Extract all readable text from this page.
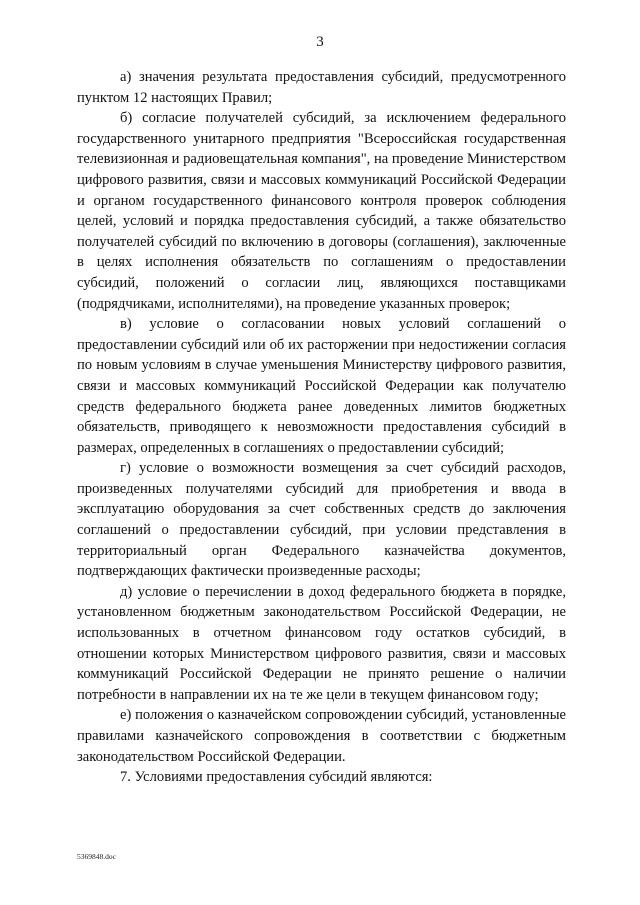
3

а) значения результата предоставления субсидий, предусмотренного пунктом 12 настоящих Правил;

б) согласие получателей субсидий, за исключением федерального государственного унитарного предприятия "Всероссийская государственная телевизионная и радиовещательная компания", на проведение Министерством цифрового развития, связи и массовых коммуникаций Российской Федерации и органом государственного финансового контроля проверок соблюдения целей, условий и порядка предоставления субсидий, а также обязательство получателей субсидий по включению в договоры (соглашения), заключенные в целях исполнения обязательств по соглашениям о предоставлении субсидий, положений о согласии лиц, являющихся поставщиками (подрядчиками, исполнителями), на проведение указанных проверок;

в) условие о согласовании новых условий соглашений о предоставлении субсидий или об их расторжении при недостижении согласия по новым условиям в случае уменьшения Министерству цифрового развития, связи и массовых коммуникаций Российской Федерации как получателю средств федерального бюджета ранее доведенных лимитов бюджетных обязательств, приводящего к невозможности предоставления субсидий в размерах, определенных в соглашениях о предоставлении субсидий;

г) условие о возможности возмещения за счет субсидий расходов, произведенных получателями субсидий для приобретения и ввода в эксплуатацию оборудования за счет собственных средств до заключения соглашений о предоставлении субсидий, при условии представления в территориальный орган Федерального казначейства документов, подтверждающих фактически произведенные расходы;

д) условие о перечислении в доход федерального бюджета в порядке, установленном бюджетным законодательством Российской Федерации, не использованных в отчетном финансовом году остатков субсидий, в отношении которых Министерством цифрового развития, связи и массовых коммуникаций Российской Федерации не принято решение о наличии потребности в направлении их на те же цели в текущем финансовом году;

е) положения о казначейском сопровождении субсидий, установленные правилами казначейского сопровождения в соответствии с бюджетным законодательством Российской Федерации.

7. Условиями предоставления субсидий являются:

5369848.doc
